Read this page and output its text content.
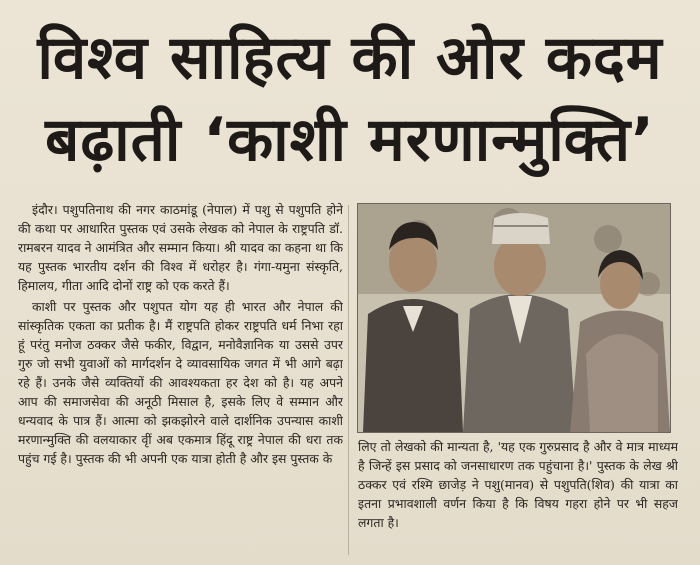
विश्व साहित्य की ओर कदम
बढ़ाती ‘काशी मरणान्मुक्ति’

इंदौर। पशुपतिनाथ की नगर काठमांडू (नेपाल) में पशु से पशुपति होने की कथा पर आधारित पुस्तक एवं उसके लेखक को नेपाल के राष्ट्रपति डॉ. रामबरन यादव ने आमंत्रित और सम्मान किया। श्री यादव का कहना था कि यह पुस्तक भारतीय दर्शन की विश्व में धरोहर है। गंगा-यमुना संस्कृति, हिमालय, गीता आदि दोनों राष्ट्र को एक करते हैं।

काशी पर पुस्तक और पशुपत योग यह ही भारत और नेपाल की सांस्कृतिक एकता का प्रतीक है। मैं राष्ट्रपति होकर राष्ट्रपति धर्म निभा रहा हूं परंतु मनोज ठक्कर जैसे फकीर, विद्वान, मनोवैज्ञानिक या उससे उपर गुरु जो सभी युवाओं को मार्गदर्शन दे व्यावसायिक जगत में भी आगे बढ़ा रहे हैं। उनके जैसे व्यक्तियों की आवश्यकता हर देश को है। यह अपने आप की समाजसेवा की अनूठी मिसाल है, इसके लिए वे सम्मान और धन्यवाद के पात्र हैं। आत्मा को झकझोरने वाले दार्शनिक उपन्यास काशी मरणान्मुक्ति की वलयाकार वृीं अब एकमात्र हिंदू राष्ट्र नेपाल की धरा तक पहुंच गई है। पुस्तक की भी अपनी एक यात्रा होती है और इस पुस्तक के

लिए तो लेखको की मान्यता है, 'यह एक गुरुप्रसाद है और वे मात्र माध्यम है जिन्हें इस प्रसाद को जनसाधारण तक पहुंचाना है।' पुस्तक के लेख श्री ठक्कर एवं रश्मि छाजेड़ ने पशु(मानव) से पशुपति(शिव) की यात्रा का इतना प्रभावशाली वर्णन किया है कि विषय गहरा होने पर भी सहज लगता है।
